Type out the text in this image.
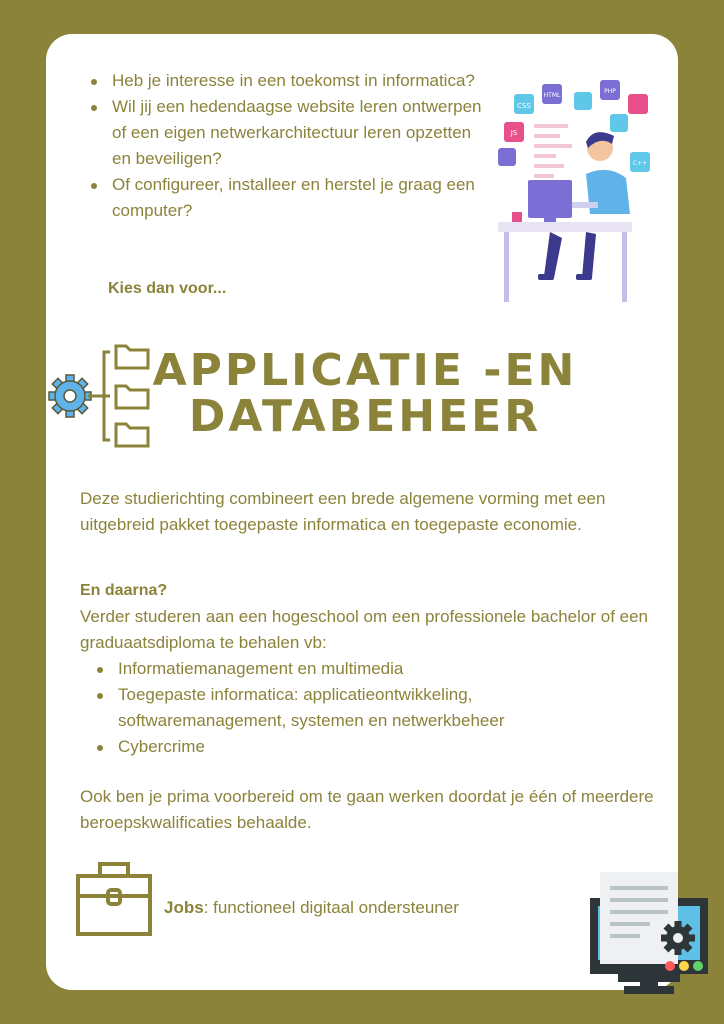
Heb je interesse in een toekomst in informatica?
Wil jij een hedendaagse website leren ontwerpen of een eigen netwerkarchitectuur leren opzetten en beveiligen?
Of configureer, installeer en herstel je graag een computer?
Kies dan voor...
CSS
HTML
PHP
JS
C++
APPLICATIE -EN
DATABEHEER
Deze studierichting combineert een brede algemene vorming met een uitgebreid pakket toegepaste informatica en toegepaste economie.
En daarna?
Verder studeren aan een hogeschool om een professionele bachelor of een graduaatsdiploma te behalen vb:
Informatiemanagement en multimedia
Toegepaste informatica: applicatieontwikkeling, softwaremanagement, systemen en netwerkbeheer
Cybercrime
Ook ben je prima voorbereid om te gaan werken doordat je één of meerdere beroepskwalificaties behaalde.
Jobs: functioneel digitaal ondersteuner
